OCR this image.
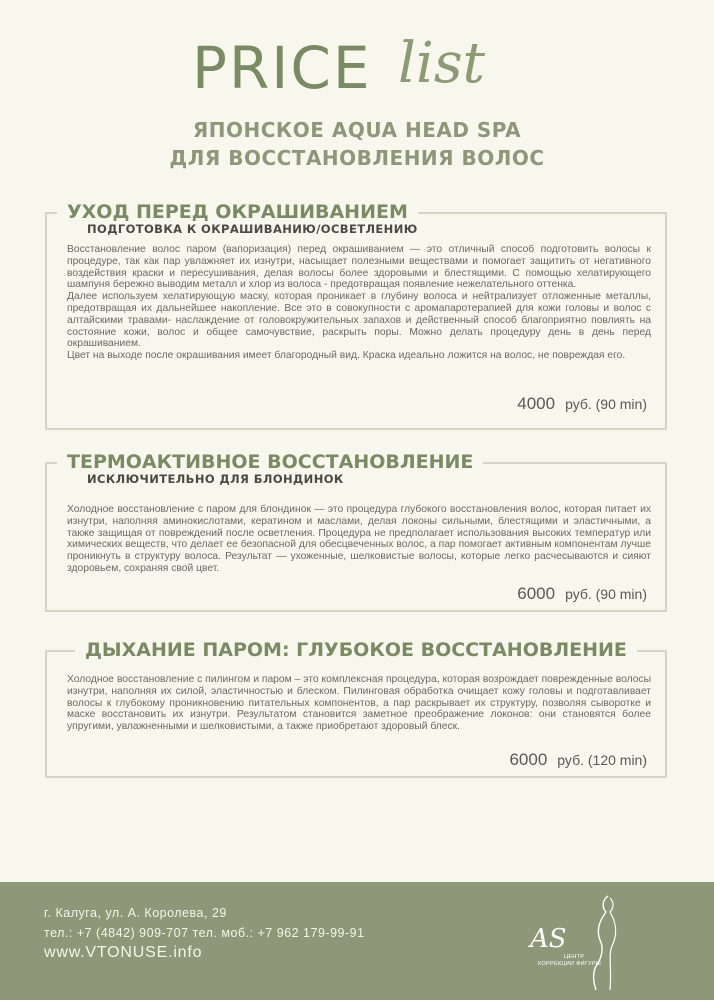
PRICE list
ЯПОНСКОЕ AQUA HEAD SPA
ДЛЯ ВОССТАНОВЛЕНИЯ ВОЛОС
УХОД ПЕРЕД ОКРАШИВАНИЕМ
ПОДГОТОВКА К ОКРАШИВАНИЮ/ОСВЕТЛЕНИЮ

Восстановление волос паром (вапоризация) перед окрашиванием — это отличный способ подготовить волосы к процедуре, так как пар увлажняет их изнутри, насыщает полезными веществами и помогает защитить от негативного воздействия краски и пересушивания, делая волосы более здоровыми и блестящими. С помощью хелатирующего шампуня бережно выводим металл и хлор из волоса - предотвращая появление нежелательного оттенка.

Далее используем хелатирующую маску, которая проникает в глубину волоса и нейтрализует отложенные металлы, предотвращая их дальнейшее накопление. Все это в совокупности с аромапаротерапией для кожи головы и волос с алтайскими травами- наслаждение от головокружительных запахов и действенный способ благоприятно повлиять на состояние кожи, волос и общее самочувствие, раскрыть поры. Можно делать процедуру день в день перед окрашиванием.

Цвет на выходе после окрашивания имеет благородный вид. Краска идеально ложится на волос, не повреждая его.

4000 руб. (90 min)
ТЕРМОАКТИВНОЕ ВОССТАНОВЛЕНИЕ
ИСКЛЮЧИТЕЛЬНО ДЛЯ БЛОНДИНОК

Холодное восстановление с паром для блондинок — это процедура глубокого восстановления волос, которая питает их изнутри, наполняя аминокислотами, кератином и маслами, делая локоны сильными, блестящими и эластичными, а также защищая от повреждений после осветления. Процедура не предполагает использования высоких температур или химических веществ, что делает ее безопасной для обесцвеченных волос, а пар помогает активным компонентам лучше проникнуть в структуру волоса. Результат — ухоженные, шелковистые волосы, которые легко расчесываются и сияют здоровьем, сохраняя свой цвет.

6000 руб. (90 min)
ДЫХАНИЕ ПАРОМ: ГЛУБОКОЕ ВОССТАНОВЛЕНИЕ

Холодное восстановление с пилингом и паром – это комплексная процедура, которая возрождает поврежденные волосы изнутри, наполняя их силой, эластичностью и блеском. Пилинговая обработка очищает кожу головы и подготавливает волосы к глубокому проникновению питательных компонентов, а пар раскрывает их структуру, позволяя сыворотке и маске восстановить их изнутри. Результатом становится заметное преображение локонов: они становятся более упругими, увлажненными и шелковистыми, а также приобретают здоровый блеск.

6000 руб. (120 min)
г. Калуга, ул. А. Королева, 29
тел.: +7 (4842) 909-707 тел. моб.: +7 962 179-99-91
www.VTONUSE.info	AS
ЦЕНТР
КОРРЕКЦИИ ФИГУРЫ
